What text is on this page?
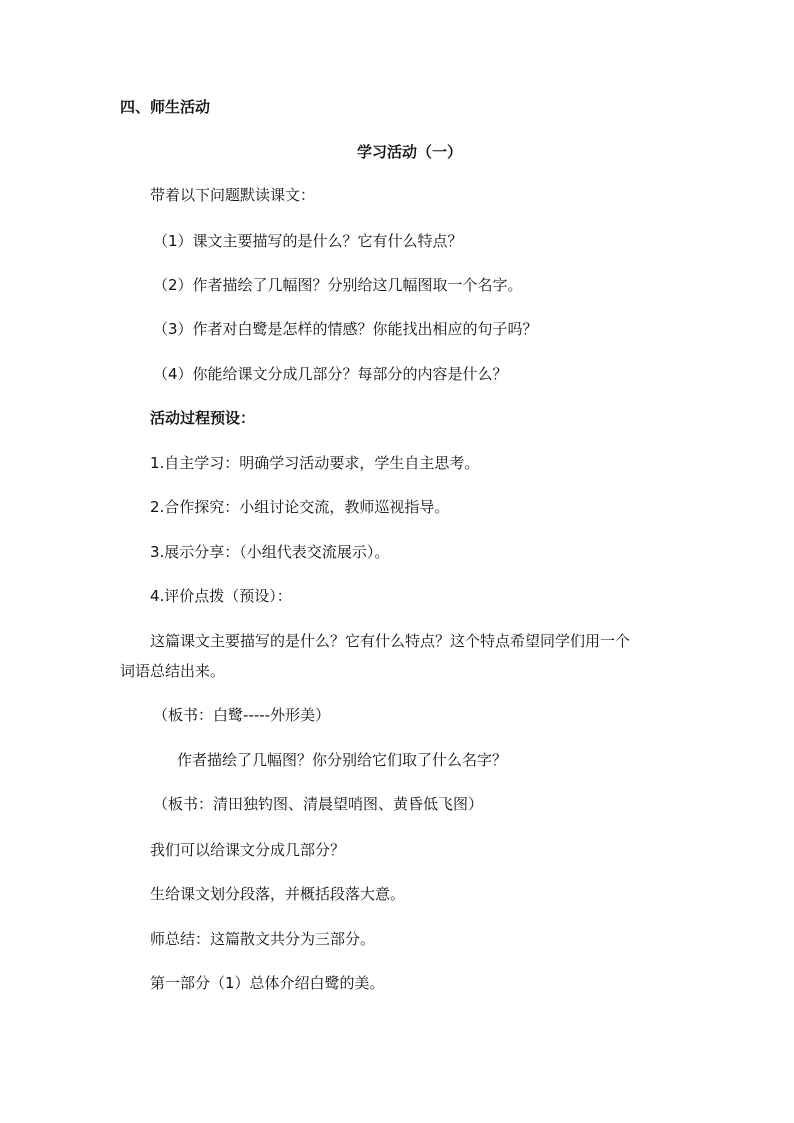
四、师生活动

学习活动（一）

带着以下问题默读课文：

（1）课文主要描写的是什么？它有什么特点？

（2）作者描绘了几幅图？分别给这几幅图取一个名字。

（3）作者对白鹭是怎样的情感？你能找出相应的句子吗？

（4）你能给课文分成几部分？每部分的内容是什么？

活动过程预设：

1.自主学习：明确学习活动要求，学生自主思考。

2.合作探究：小组讨论交流，教师巡视指导。

3.展示分享：（小组代表交流展示）。

4.评价点拨（预设）：

这篇课文主要描写的是什么？它有什么特点？这个特点希望同学们用一个

词语总结出来。

（板书：白鹭-----外形美）

作者描绘了几幅图？你分别给它们取了什么名字？

（板书：清田独钓图、清晨望哨图、黄昏低飞图）

我们可以给课文分成几部分？

生给课文划分段落，并概括段落大意。

师总结：这篇散文共分为三部分。

第一部分（1）总体介绍白鹭的美。
